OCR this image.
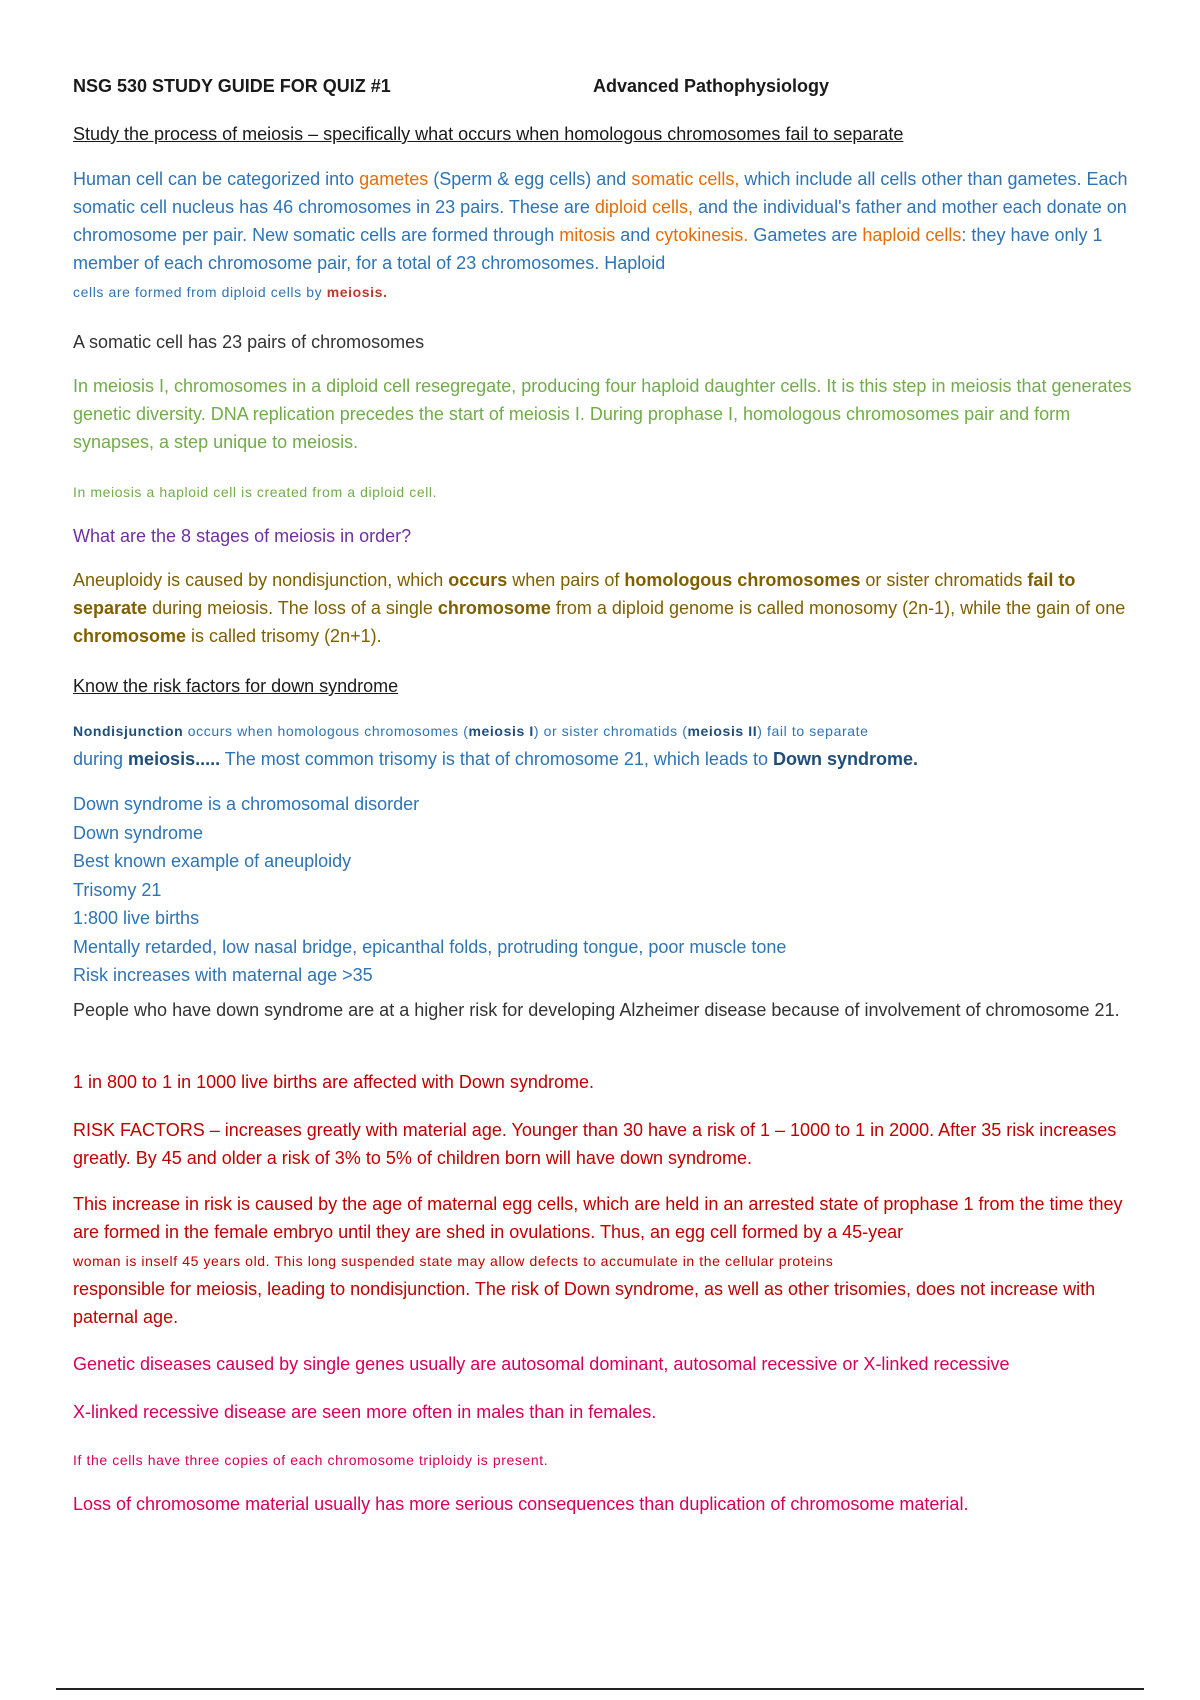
NSG 530 STUDY GUIDE FOR QUIZ #1	Advanced Pathophysiology

Study the process of meiosis – specifically what occurs when homologous chromosomes fail to separate

Human cell can be categorized into gametes (Sperm & egg cells) and somatic cells, which include all cells other than gametes. Each somatic cell nucleus has 46 chromosomes in 23 pairs. These are diploid cells, and the individual's father and mother each donate on chromosome per pair. New somatic cells are formed through mitosis and cytokinesis. Gametes are haploid cells: they have only 1 member of each chromosome pair, for a total of 23 chromosomes. Haploid
cells are formed from diploid cells by meiosis.

A somatic cell has 23 pairs of chromosomes

In meiosis I, chromosomes in a diploid cell resegregate, producing four haploid daughter cells. It is this step in meiosis that generates genetic diversity. DNA replication precedes the start of meiosis I. During prophase I, homologous chromosomes pair and form synapses, a step unique to meiosis.

In meiosis a haploid cell is created from a diploid cell.

What are the 8 stages of meiosis in order?

Aneuploidy is caused by nondisjunction, which occurs when pairs of homologous chromosomes or sister chromatids fail to separate during meiosis. The loss of a single chromosome from a diploid genome is called monosomy (2n-1), while the gain of one chromosome is called trisomy (2n+1).

Know the risk factors for down syndrome

Nondisjunction occurs when homologous chromosomes (meiosis I) or sister chromatids (meiosis II) fail to separate
during meiosis..... The most common trisomy is that of chromosome 21, which leads to Down syndrome.

Down syndrome is a chromosomal disorder
Down syndrome
Best known example of aneuploidy
Trisomy 21
1:800 live births
Mentally retarded, low nasal bridge, epicanthal folds, protruding tongue, poor muscle tone
Risk increases with maternal age >35

People who have down syndrome are at a higher risk for developing Alzheimer disease because of involvement of chromosome 21.

1 in 800 to 1 in 1000 live births are affected with Down syndrome.

RISK FACTORS – increases greatly with material age. Younger than 30 have a risk of 1 – 1000 to 1 in 2000. After 35 risk increases greatly. By 45 and older a risk of 3% to 5% of children born will have down syndrome.

This increase in risk is caused by the age of maternal egg cells, which are held in an arrested state of prophase 1 from the time they are formed in the female embryo until they are shed in ovulations. Thus, an egg cell formed by a 45-year
woman is inself 45 years old. This long suspended state may allow defects to accumulate in the cellular proteins
responsible for meiosis, leading to nondisjunction. The risk of Down syndrome, as well as other trisomies, does not increase with paternal age.

Genetic diseases caused by single genes usually are autosomal dominant, autosomal recessive or X-linked recessive

X-linked recessive disease are seen more often in males than in females.

If the cells have three copies of each chromosome triploidy is present.

Loss of chromosome material usually has more serious consequences than duplication of chromosome material.
